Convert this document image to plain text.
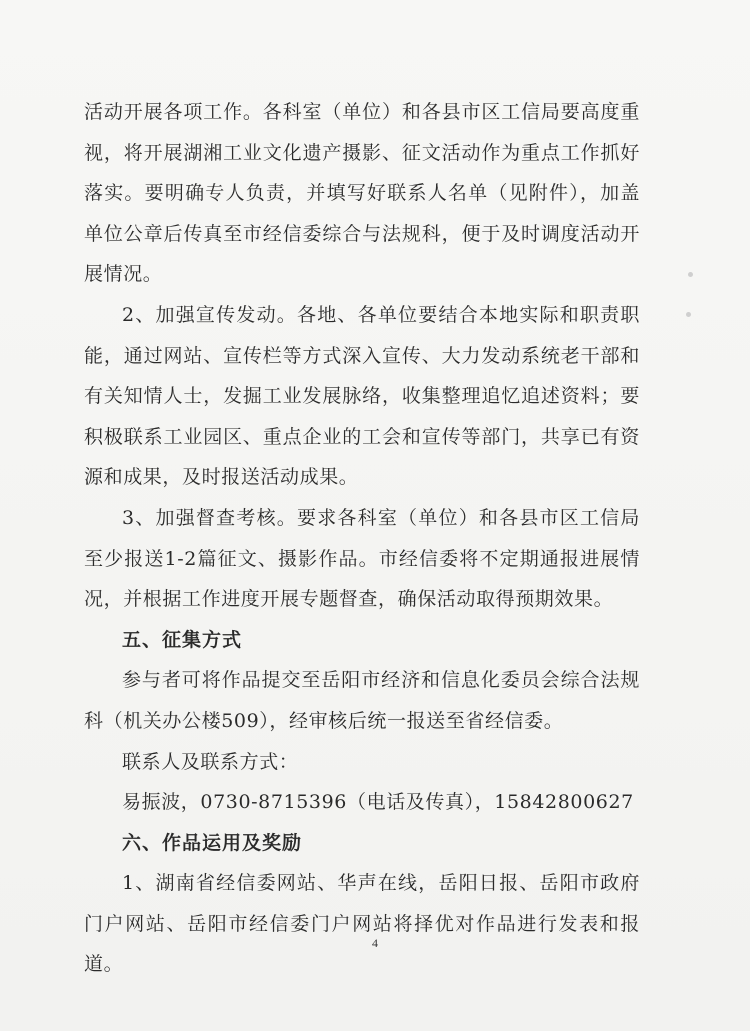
活动开展各项工作。各科室（单位）和各县市区工信局要高度重视，将开展湖湘工业文化遗产摄影、征文活动作为重点工作抓好落实。要明确专人负责，并填写好联系人名单（见附件），加盖单位公章后传真至市经信委综合与法规科，便于及时调度活动开展情况。

2、加强宣传发动。各地、各单位要结合本地实际和职责职能，通过网站、宣传栏等方式深入宣传、大力发动系统老干部和有关知情人士，发掘工业发展脉络，收集整理追忆追述资料；要积极联系工业园区、重点企业的工会和宣传等部门，共享已有资源和成果，及时报送活动成果。

3、加强督查考核。要求各科室（单位）和各县市区工信局至少报送1-2篇征文、摄影作品。市经信委将不定期通报进展情况，并根据工作进度开展专题督查，确保活动取得预期效果。

五、征集方式

参与者可将作品提交至岳阳市经济和信息化委员会综合法规科（机关办公楼509），经审核后统一报送至省经信委。

联系人及联系方式：

易振波，0730-8715396（电话及传真），15842800627

六、作品运用及奖励

1、湖南省经信委网站、华声在线，岳阳日报、岳阳市政府门户网站、岳阳市经信委门户网站将择优对作品进行发表和报道。

4
